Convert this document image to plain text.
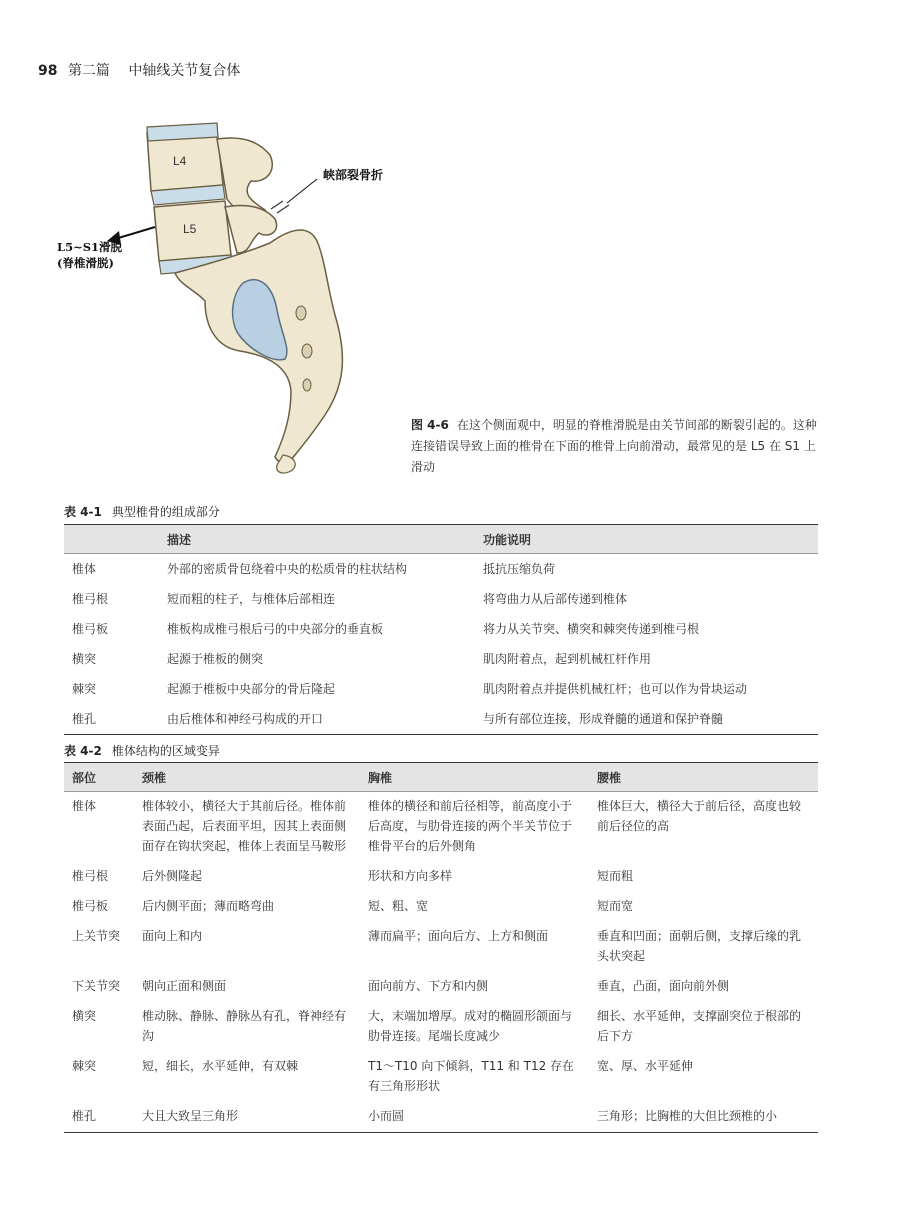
98 第二篇 中轴线关节复合体
L4
L5
峡部裂骨折
L5~S1滑脱
(脊椎滑脱)
图 4-6 在这个侧面观中，明显的脊椎滑脱是由关节间部的断裂引起的。这种连接错误导致上面的椎骨在下面的椎骨上向前滑动，最常见的是 L5 在 S1 上滑动
表 4-1 典型椎骨的组成部分
	描述	功能说明
椎体	外部的密质骨包绕着中央的松质骨的柱状结构	抵抗压缩负荷
椎弓根	短而粗的柱子，与椎体后部相连	将弯曲力从后部传递到椎体
椎弓板	椎板构成椎弓根后弓的中央部分的垂直板	将力从关节突、横突和棘突传递到椎弓根
横突	起源于椎板的侧突	肌肉附着点，起到机械杠杆作用
棘突	起源于椎板中央部分的骨后隆起	肌肉附着点并提供机械杠杆；也可以作为骨块运动
椎孔	由后椎体和神经弓构成的开口	与所有部位连接，形成脊髓的通道和保护脊髓
表 4-2 椎体结构的区域变异
部位	颈椎	胸椎	腰椎
椎体	椎体较小，横径大于其前后径。椎体前表面凸起，后表面平坦，因其上表面侧面存在钩状突起，椎体上表面呈马鞍形	椎体的横径和前后径相等，前高度小于后高度，与肋骨连接的两个半关节位于椎骨平台的后外侧角	椎体巨大，横径大于前后径，高度也较前后径位的高
椎弓根	后外侧隆起	形状和方向多样	短而粗
椎弓板	后内侧平面；薄而略弯曲	短、粗、宽	短而宽
上关节突	面向上和内	薄而扁平；面向后方、上方和侧面	垂直和凹面；面朝后侧，支撑后缘的乳头状突起
下关节突	朝向正面和侧面	面向前方、下方和内侧	垂直，凸面，面向前外侧
横突	椎动脉、静脉、静脉丛有孔，脊神经有沟	大，末端加增厚。成对的椭圆形颌面与肋骨连接。尾端长度减少	细长、水平延伸，支撑副突位于根部的后下方
棘突	短，细长，水平延伸，有双棘	T1～T10 向下倾斜，T11 和 T12 存在有三角形形状	宽、厚、水平延伸
椎孔	大且大致呈三角形	小而圆	三角形；比胸椎的大但比颈椎的小
